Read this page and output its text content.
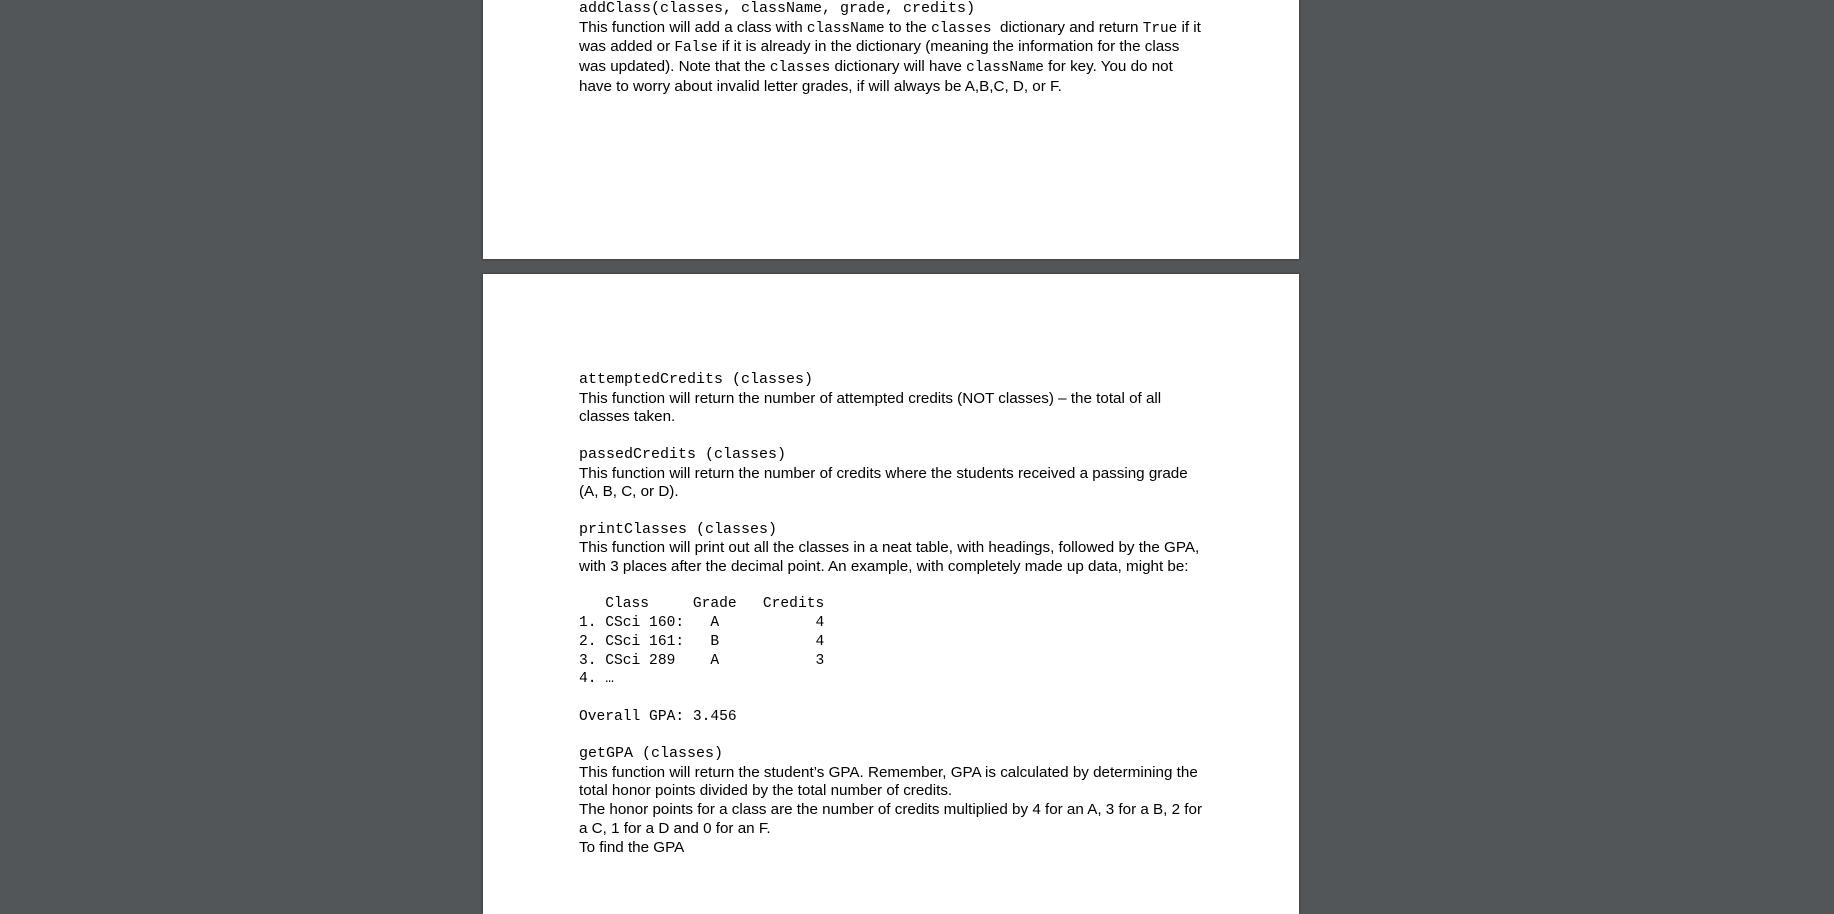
addClass(classes, className, grade, credits)

This function will add a class with className to the classes  dictionary and return True if it was added or False if it is already in the dictionary (meaning the information for the class was updated). Note that the classes dictionary will have className for key. You do not have to worry about invalid letter grades, if will always be A,B,C, D, or F.

attemptedCredits (classes)

This function will return the number of attempted credits (NOT classes) – the total of all classes taken.

passedCredits (classes)

This function will return the number of credits where the students received a passing grade (A, B, C, or D).

printClasses (classes)

This function will print out all the classes in a neat table, with headings, followed by the GPA, with 3 places after the decimal point. An example, with completely made up data, might be:

Class     Grade   Credits
1. CSci 160:   A           4
2. CSci 161:   B           4
3. CSci 289    A           3
4. …
Overall GPA: 3.456

getGPA (classes)

This function will return the student’s GPA. Remember, GPA is calculated by determining the total honor points divided by the total number of credits.

The honor points for a class are the number of credits multiplied by 4 for an A, 3 for a B, 2 for a C, 1 for a D and 0 for an F.

To find the GPA
